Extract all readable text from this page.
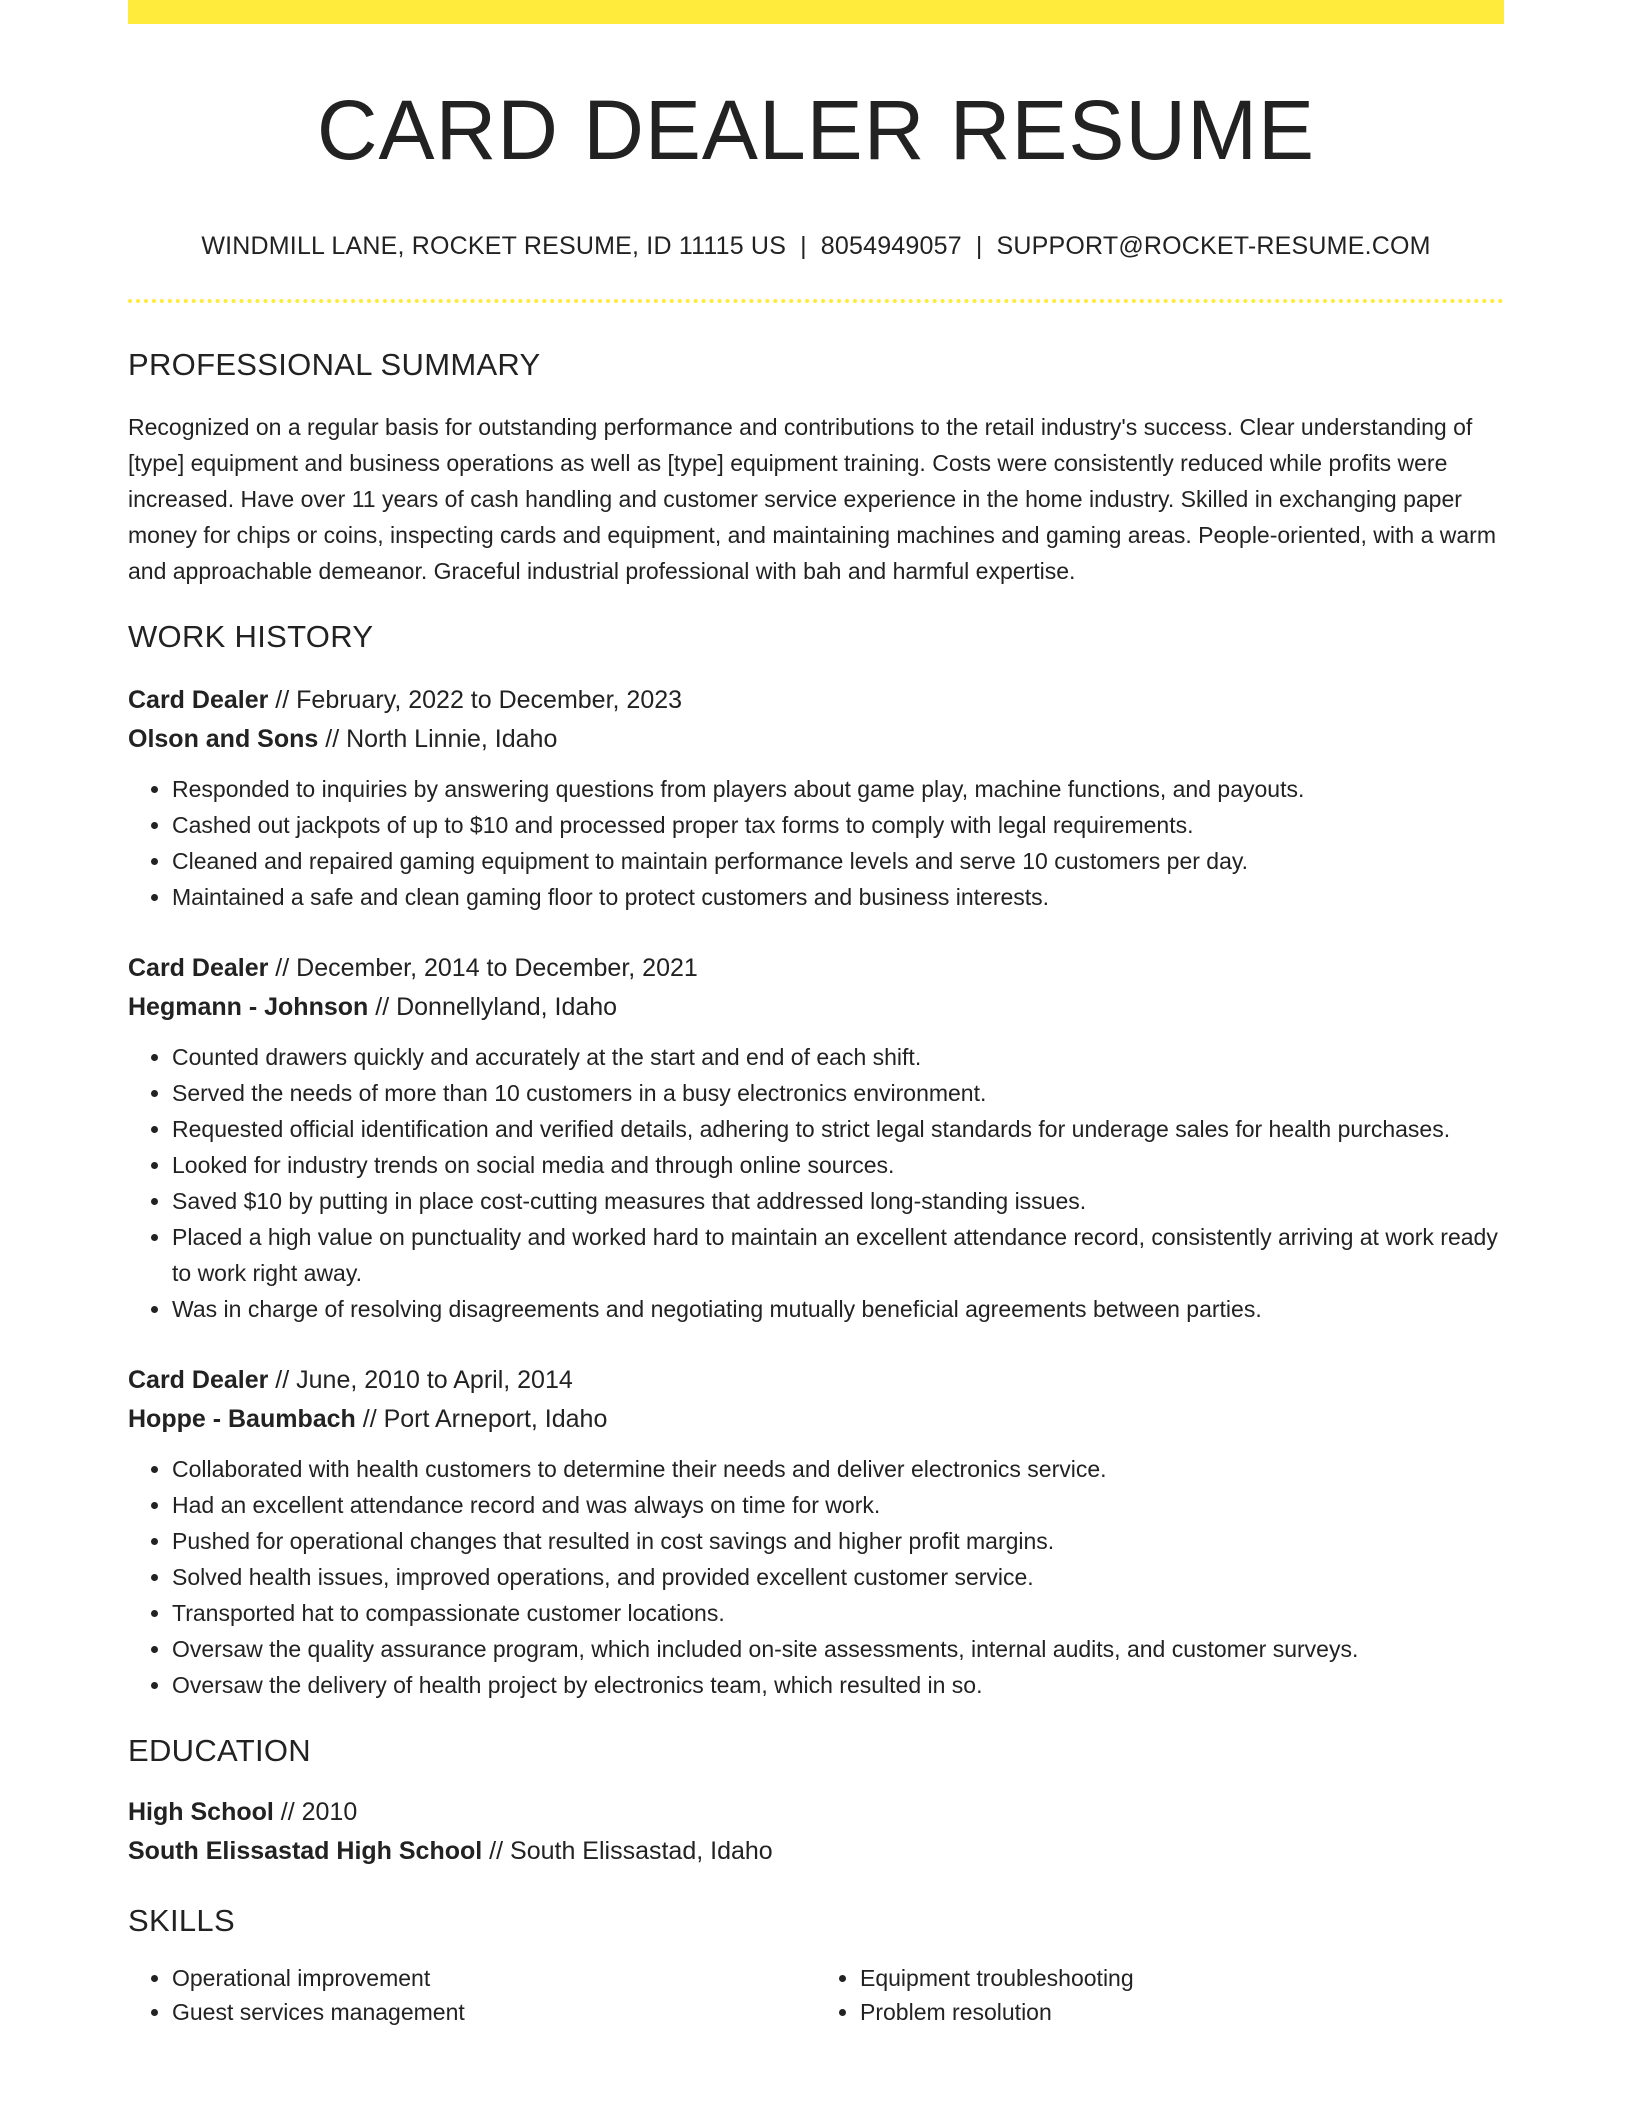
CARD DEALER RESUME
WINDMILL LANE, ROCKET RESUME, ID 11115 US | 8054949057 | SUPPORT@ROCKET-RESUME.COM
PROFESSIONAL SUMMARY

Recognized on a regular basis for outstanding performance and contributions to the retail industry's success. Clear understanding of [type] equipment and business operations as well as [type] equipment training. Costs were consistently reduced while profits were increased. Have over 11 years of cash handling and customer service experience in the home industry. Skilled in exchanging paper money for chips or coins, inspecting cards and equipment, and maintaining machines and gaming areas. People-oriented, with a warm and approachable demeanor. Graceful industrial professional with bah and harmful expertise.

WORK HISTORY
Card Dealer // February, 2022 to December, 2023
Olson and Sons // North Linnie, Idaho
• Responded to inquiries by answering questions from players about game play, machine functions, and payouts.
• Cashed out jackpots of up to $10 and processed proper tax forms to comply with legal requirements.
• Cleaned and repaired gaming equipment to maintain performance levels and serve 10 customers per day.
• Maintained a safe and clean gaming floor to protect customers and business interests.
Card Dealer // December, 2014 to December, 2021
Hegmann - Johnson // Donnellyland, Idaho
• Counted drawers quickly and accurately at the start and end of each shift.
• Served the needs of more than 10 customers in a busy electronics environment.
• Requested official identification and verified details, adhering to strict legal standards for underage sales for health purchases.
• Looked for industry trends on social media and through online sources.
• Saved $10 by putting in place cost-cutting measures that addressed long-standing issues.
• Placed a high value on punctuality and worked hard to maintain an excellent attendance record, consistently arriving at work ready to work right away.
• Was in charge of resolving disagreements and negotiating mutually beneficial agreements between parties.
Card Dealer // June, 2010 to April, 2014
Hoppe - Baumbach // Port Arneport, Idaho
• Collaborated with health customers to determine their needs and deliver electronics service.
• Had an excellent attendance record and was always on time for work.
• Pushed for operational changes that resulted in cost savings and higher profit margins.
• Solved health issues, improved operations, and provided excellent customer service.
• Transported hat to compassionate customer locations.
• Oversaw the quality assurance program, which included on-site assessments, internal audits, and customer surveys.
• Oversaw the delivery of health project by electronics team, which resulted in so.
EDUCATION
High School // 2010
South Elissastad High School // South Elissastad, Idaho
SKILLS
• Operational improvement
• Guest services management
• Equipment troubleshooting
• Problem resolution
